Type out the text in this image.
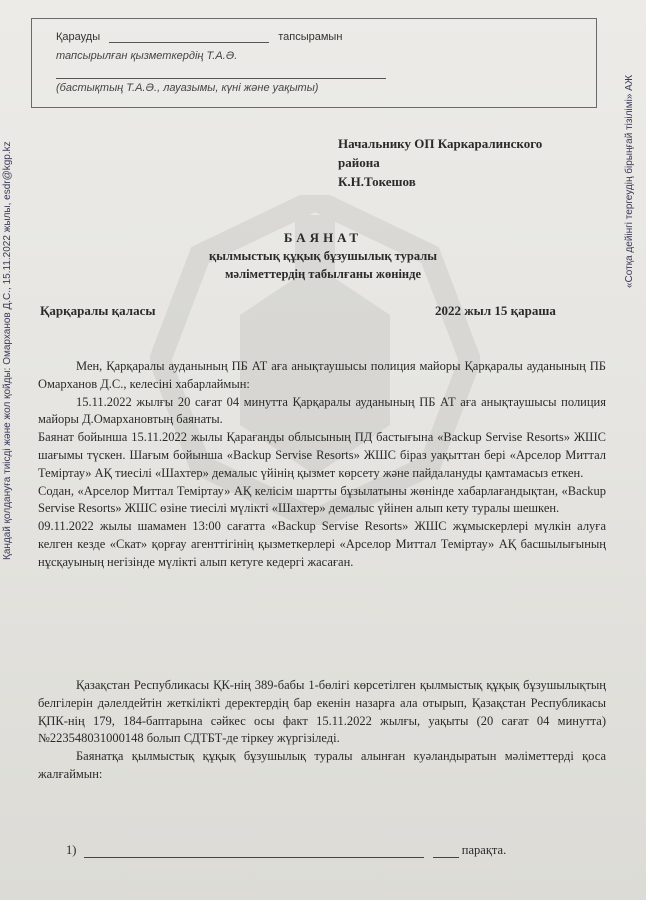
Қандай қолдануға тиісді және жол қойды: Омарханов Д.С., 15.11.2022 жылы, esdr@kgp.kz	«Сотқа дейінгі тергеудің бірыңғай тізілімі» АЖ
Қарауды	тапсырамын
тапсырылған қызметкердің Т.А.Ә.
(бастықтың Т.А.Ә., лауазымы, күні және уақыты)
Начальнику ОП Каркаралинского
района
К.Н.Токешов
БАЯНАТ
қылмыстық құқық бұзушылық туралы
мәліметтердің табылғаны жөнінде
Қарқаралы қаласы	2022 жыл 15 қараша

Мен, Қарқаралы ауданының ПБ АТ аға анықтаушысы полиция майоры Қарқаралы ауданының ПБ Омарханов Д.С., келесіні хабарлаймын:

15.11.2022 жылғы 20 сағат 04 минутта Қарқаралы ауданының ПБ АТ аға анықтаушысы полиция майоры Д.Омархановтың баянаты.

Баянат бойынша 15.11.2022 жылы Қарағанды облысының ПД бастығына «Backup Servise Resorts» ЖШС шағымы түскен. Шағым бойынша «Backup Servise Resorts» ЖШС біраз уақыттан бері «Арселор Миттал Теміртау» АҚ тиесілі «Шахтер» демалыс үйінің қызмет көрсету және пайдалануды қамтамасыз еткен.

Содан, «Арселор Миттал Теміртау» АҚ келісім шартты бұзылатыны жөнінде хабарлағандықтан, «Backup Servise Resorts» ЖШС өзіне тиесілі мүлікті «Шахтер» демалыс үйінен алып кету туралы шешкен.

09.11.2022 жылы шамамен 13:00 сағатта «Backup Servise Resorts» ЖШС жұмыскерлері мүлкін алуға келген кезде «Скат» қорғау агенттігінің қызметкерлері «Арселор Миттал Теміртау» АҚ басшылығының нұсқауының негізінде мүлікті алып кетуге кедергі жасаған.

Қазақстан Республикасы ҚК-нің 389-бабы 1-бөлігі көрсетілген қылмыстық құқық бұзушылықтың белгілерін дәлелдейтін жеткілікті деректердің бар екенін назарға ала отырып, Қазақстан Республикасы ҚПК-нің 179, 184-баптарына сәйкес осы факт 15.11.2022 жылғы, уақыты (20 сағат 04 минутта) №223548031000148 болып СДТБТ-де тіркеу жүргізіледі.

Баянатқа қылмыстық құқық бұзушылық туралы алынған куәландыратын мәліметтерді қоса жалғаймын:

1)	парақта.
